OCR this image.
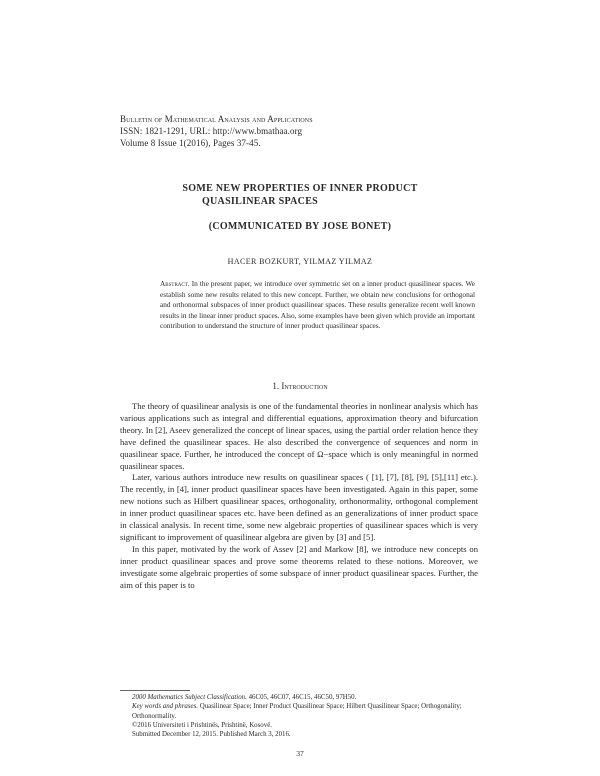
Bulletin of Mathematical Analysis and Applications
ISSN: 1821-1291, URL: http://www.bmathaa.org
Volume 8 Issue 1(2016), Pages 37-45.
SOME NEW PROPERTIES OF INNER PRODUCT
QUASILINEAR SPACES
(COMMUNICATED BY JOSE BONET)
HACER BOZKURT, YILMAZ YILMAZ

Abstract. In the present paper, we introduce over symmetric set on a inner product quasilinear spaces. We establish some new results related to this new concept. Further, we obtain new conclusions for orthogonal and orthonormal subspaces of inner product quasilinear spaces. These results generalize recent well known results in the linear inner product spaces. Also, some examples have been given which provide an important contribution to understand the structure of inner product quasilinear spaces.

1. Introduction

The theory of quasilinear analysis is one of the fundamental theories in nonlinear analysis which has various applications such as integral and differential equations, approximation theory and bifurcation theory. In [2], Aseev generalized the concept of linear spaces, using the partial order relation hence they have defined the quasilinear spaces. He also described the convergence of sequences and norm in quasilinear space. Further, he introduced the concept of Ω−space which is only meaningful in normed quasilinear spaces.

Later, various authors introduce new results on quasilinear spaces ( [1], [7], [8], [9], [5],[11] etc.). The recently, in [4], inner product quasilinear spaces have been investigated. Again in this paper, some new notions such as Hilbert quasilinear spaces, orthogonality, orthonormality, orthogonal complement in inner product quasilinear spaces etc. have been defined as an generalizations of inner product space in classical analysis. In recent time, some new algebraic properties of quasilinear spaces which is very significant to improvement of quasilinear algebra are given by [3] and [5].

In this paper, motivated by the work of Assev [2] and Markow [8], we introduce new concepts on inner product quasilinear spaces and prove some theorems related to these notions. Moreover, we investigate some algebraic properties of some subspace of inner product quasilinear spaces. Further, the aim of this paper is to

2000 Mathematics Subject Classification. 46C05, 46C07, 46C15, 46C50, 97H50.

Key words and phrases. Quasilinear Space; Inner Product Quasilinear Space; Hilbert Quasilinear Space; Orthogonality; Orthonormality.

©2016 Universiteti i Prishtinës, Prishtinë, Kosovë.

Submitted December 12, 2015. Published March 3, 2016.

37
